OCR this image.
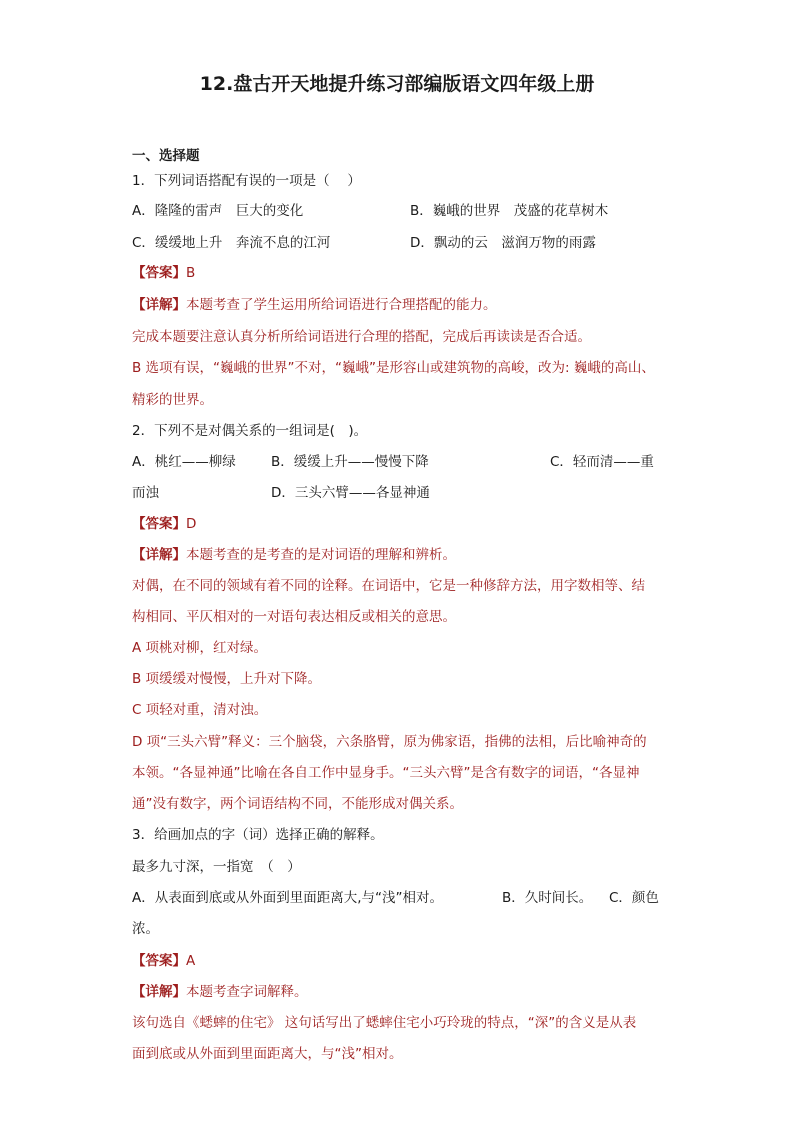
12.盘古开天地提升练习部编版语文四年级上册
一、选择题
1．下列词语搭配有误的一项是（　 ）
A．隆隆的雷声　巨大的变化	B．巍峨的世界　茂盛的花草树木
C．缓缓地上升　奔流不息的江河	D．飘动的云　滋润万物的雨露
【答案】B
【详解】本题考查了学生运用所给词语进行合理搭配的能力。
完成本题要注意认真分析所给词语进行合理的搭配，完成后再读读是否合适。
B 选项有误，“巍峨的世界”不对，“巍峨”是形容山或建筑物的高峻，改为: 巍峨的高山、
精彩的世界。
2．下列不是对偶关系的一组词是(　)。
A．桃红——柳绿	B．缓缓上升——慢慢下降	C．轻而清——重
而浊	D．三头六臂——各显神通
【答案】D
【详解】本题考查的是考查的是对词语的理解和辨析。
对偶，在不同的领域有着不同的诠释。在词语中，它是一种修辞方法，用字数相等、结
构相同、平仄相对的一对语句表达相反或相关的意思。
A 项桃对柳，红对绿。
B 项缓缓对慢慢，上升对下降。
C 项轻对重，清对浊。
D 项“三头六臂”释义：三个脑袋，六条胳臂，原为佛家语，指佛的法相，后比喻神奇的
本领。“各显神通”比喻在各自工作中显身手。“三头六臂”是含有数字的词语，“各显神
通”没有数字，两个词语结构不同，不能形成对偶关系。
3．给画加点的字（词）选择正确的解释。
最多九寸深，一指宽　（　）
A．从表面到底或从外面到里面距离大,与“浅”相对。	B．久时间长。 C．颜色
浓。
【答案】A
【详解】本题考查字词解释。
该句选自《蟋蟀的住宅》 这句话写出了蟋蟀住宅小巧玲珑的特点，“深”的含义是从表
面到底或从外面到里面距离大，与“浅”相对。
